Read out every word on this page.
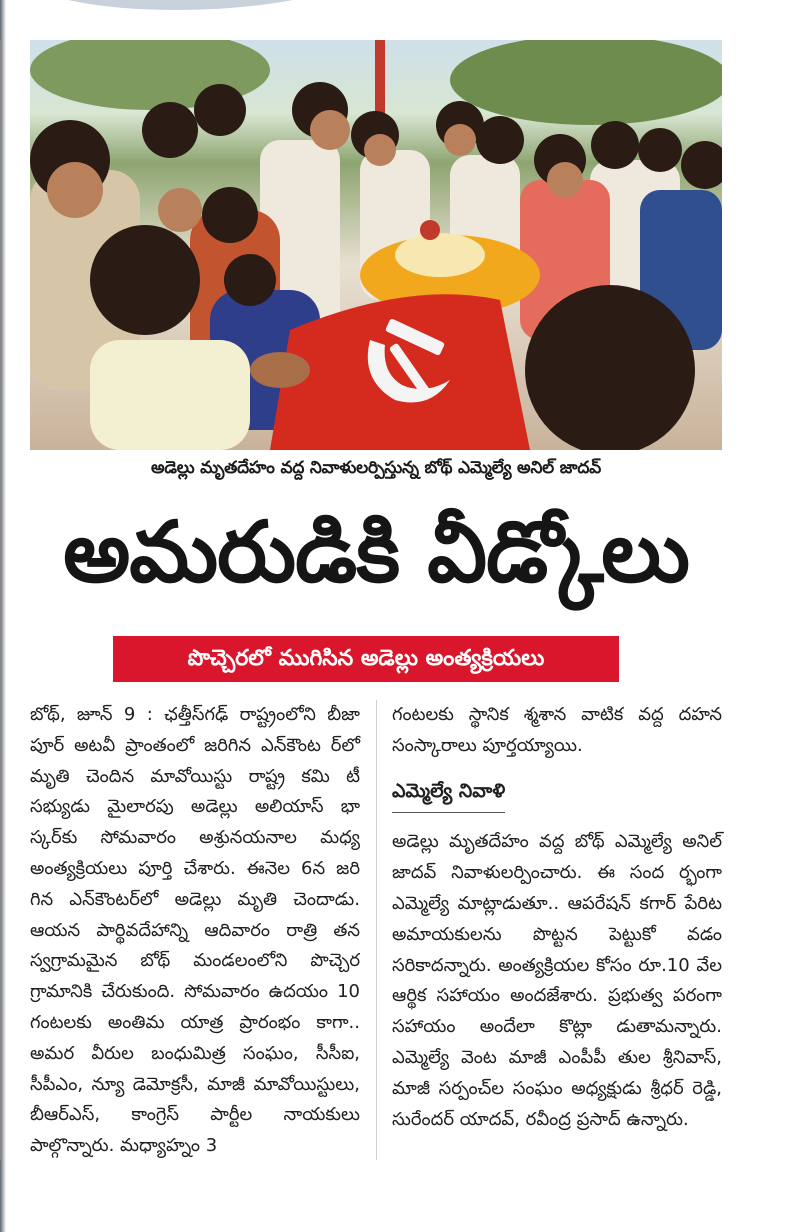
అడెల్లు మృతదేహం వద్ద నివాళులర్పిస్తున్న బోథ్ ఎమ్మెల్యే అనిల్ జాదవ్
అమరుడికి వీడ్కోలు
పొచ్చెరలో ముగిసిన అడెల్లు అంత్యక్రియలు

బోథ్, జూన్ 9 : ఛత్తీస్‌గఢ్ రాష్ట్రంలోని బీజా పూర్ అటవీ ప్రాంతంలో జరిగిన ఎన్‌కౌంట ర్‌లో మృతి చెందిన మావోయిస్టు రాష్ట్ర కమి టీ సభ్యుడు మైలారపు అడెల్లు అలియాస్ భా స్కర్‌కు సోమవారం అశ్రునయనాల మధ్య అంత్యక్రియలు పూర్తి చేశారు. ఈనెల 6న జరి గిన ఎన్‌కౌంటర్‌లో అడెల్లు మృతి చెందాడు. ఆయన పార్థివదేహాన్ని ఆదివారం రాత్రి తన స్వగ్రామమైన బోథ్ మండలంలోని పొచ్చెర గ్రామానికి చేరుకుంది. సోమవారం ఉదయం 10 గంటలకు అంతిమ యాత్ర ప్రారంభం కాగా.. అమర వీరుల బంధుమిత్ర సంఘం, సీసీఐ, సీపీఎం, న్యూ డెమోక్రసీ, మాజీ మావోయిస్టులు, బీఆర్‌ఎస్, కాంగ్రెస్ పార్టీల నాయకులు పాల్గొన్నారు. మధ్యాహ్నం 3

గంటలకు స్థానిక శ్మశాన వాటిక వద్ద దహన సంస్కారాలు పూర్తయ్యాయి.

ఎమ్మెల్యే నివాళి

అడెల్లు మృతదేహం వద్ద బోథ్ ఎమ్మెల్యే అనిల్ జాదవ్ నివాళులర్పించారు. ఈ సంద ర్భంగా ఎమ్మెల్యే మాట్లాడుతూ.. ఆపరేషన్ కగార్ పేరిట అమాయకులను పొట్టన పెట్టుకో వడం సరికాదన్నారు. అంత్యక్రియల కోసం రూ.10 వేల ఆర్థిక సహాయం అందజేశారు. ప్రభుత్వ పరంగా సహాయం అందేలా కొట్లా డుతామన్నారు. ఎమ్మెల్యే వెంట మాజీ ఎంపీపీ తుల శ్రీనివాస్, మాజీ సర్పంచ్‌ల సంఘం అధ్యక్షుడు శ్రీధర్ రెడ్డి, సురేందర్ యాదవ్, రవీంద్ర ప్రసాద్ ఉన్నారు.
